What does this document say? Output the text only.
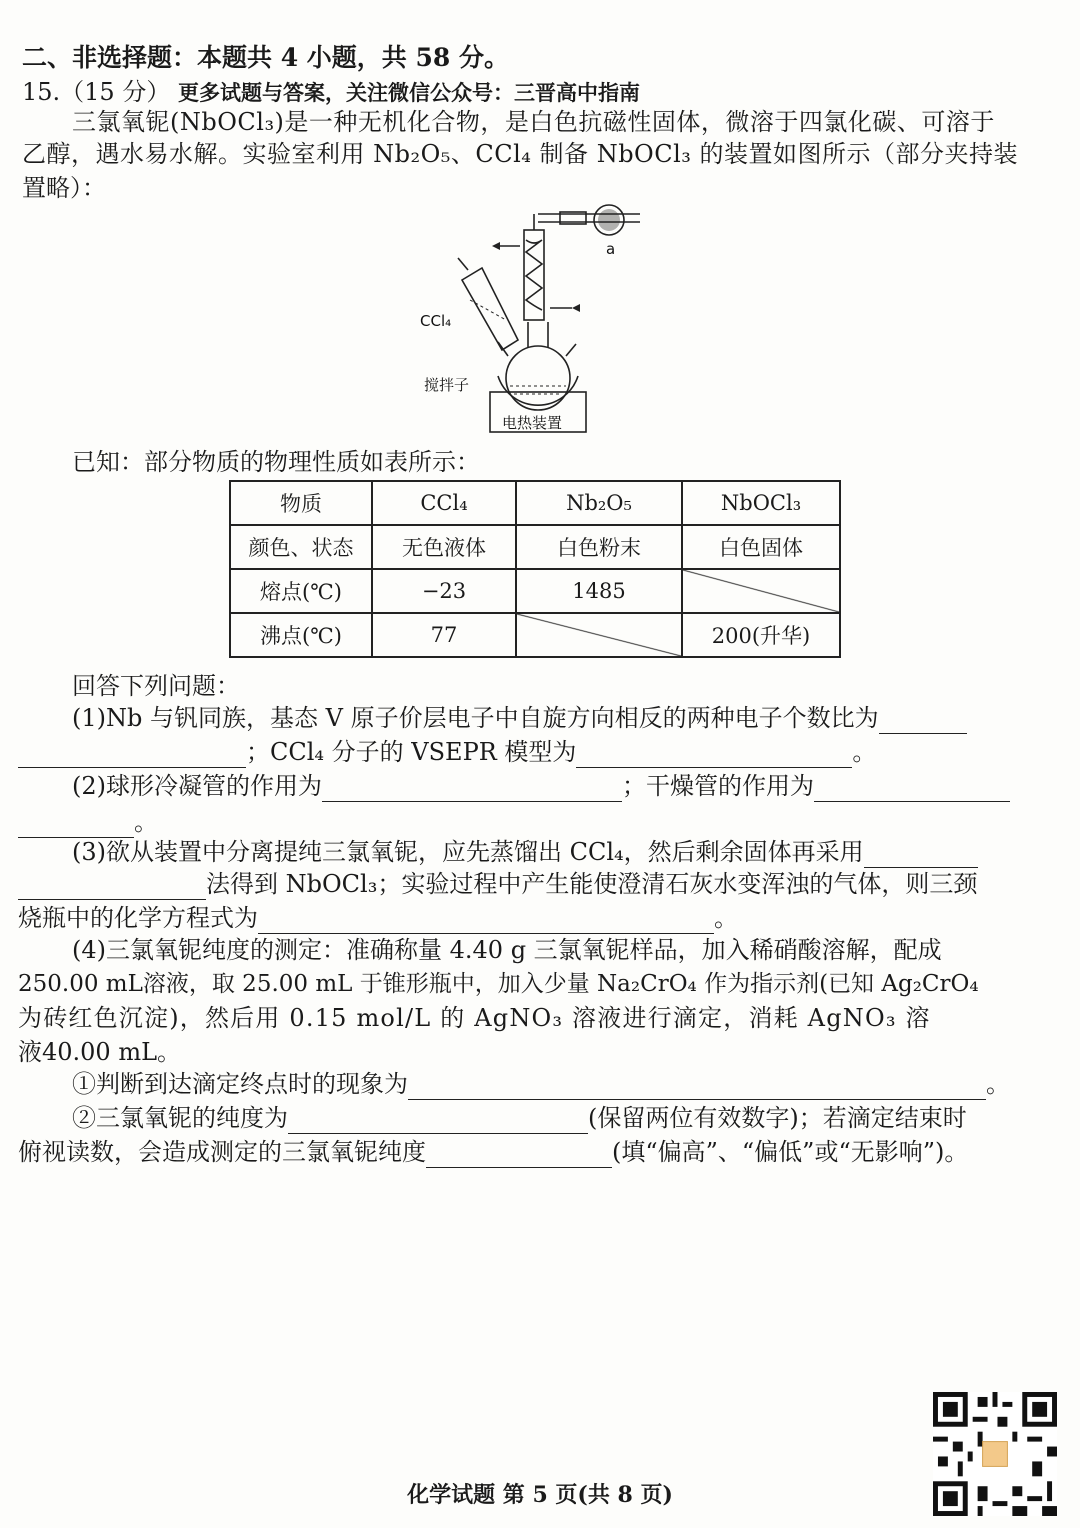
二、非选择题：本题共 4 小题，共 58 分。
15.（15 分） 更多试题与答案，关注微信公众号：三晋高中指南
三氯氧铌(NbOCl₃)是一种无机化合物，是白色抗磁性固体，微溶于四氯化碳、可溶于
乙醇，遇水易水解。实验室利用 Nb₂O₅、CCl₄ 制备 NbOCl₃ 的装置如图所示（部分夹持装
置略）：
a
CCl₄
搅拌子
电热装置
已知：部分物质的物理性质如表所示：
物质	CCl₄	Nb₂O₅	NbOCl₃
颜色、状态	无色液体	白色粉末	白色固体
熔点(℃)	−23	1485	
沸点(℃)	77		200(升华)
回答下列问题：
(1)Nb 与钒同族，基态 V 原子价层电子中自旋方向相反的两种电子个数比为
；CCl₄ 分子的 VSEPR 模型为	。
(2)球形冷凝管的作用为	；干燥管的作用为
。
(3)欲从装置中分离提纯三氯氧铌，应先蒸馏出 CCl₄，然后剩余固体再采用
法得到 NbOCl₃；实验过程中产生能使澄清石灰水变浑浊的气体，则三颈
烧瓶中的化学方程式为	。
(4)三氯氧铌纯度的测定：准确称量 4.40 g 三氯氧铌样品，加入稀硝酸溶解，配成
250.00 mL溶液，取 25.00 mL 于锥形瓶中，加入少量 Na₂CrO₄ 作为指示剂(已知 Ag₂CrO₄
为砖红色沉淀)，然后用 0.15 mol/L 的 AgNO₃ 溶液进行滴定，消耗 AgNO₃ 溶
液40.00 mL。
①判断到达滴定终点时的现象为	。
②三氯氧铌的纯度为	(保留两位有效数字)；若滴定结束时
俯视读数，会造成测定的三氯氧铌纯度	(填“偏高”、“偏低”或“无影响”)。
化学试题 第 5 页(共 8 页)
